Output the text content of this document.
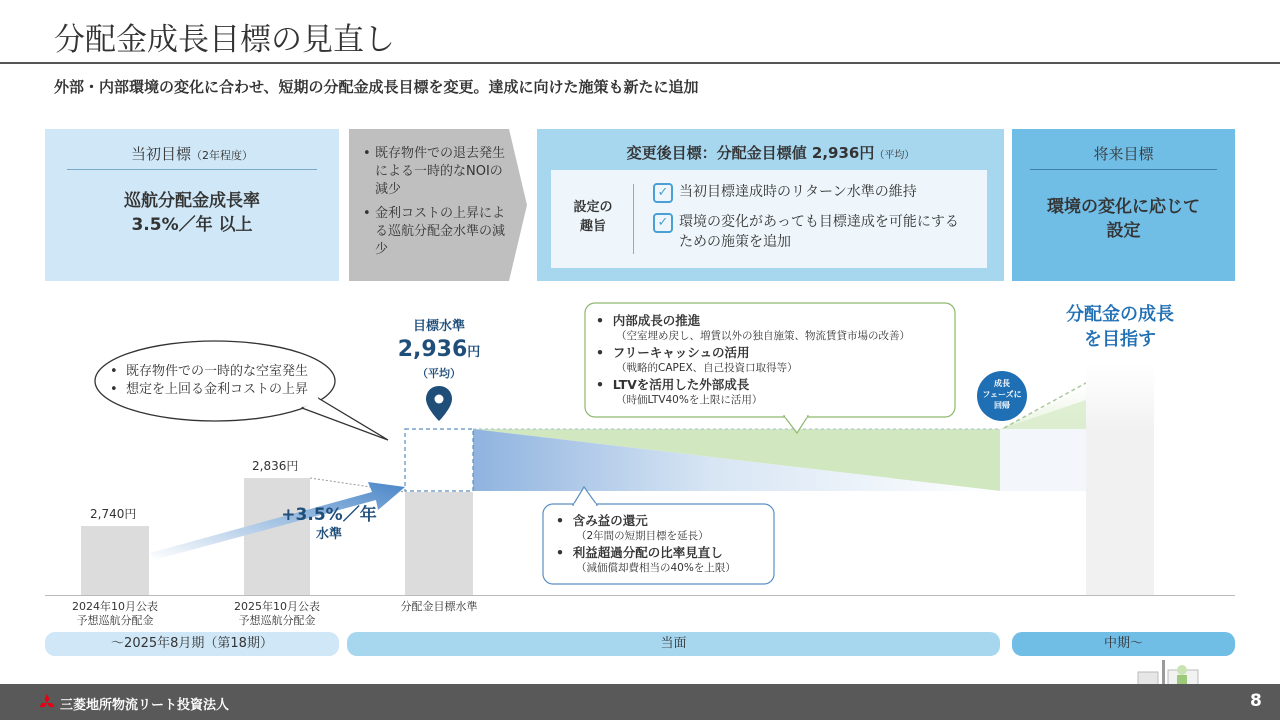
分配金成長目標の見直し
外部・内部環境の変化に合わせ、短期の分配金成長目標を変更。達成に向けた施策も新たに追加
当初目標（2年程度）
巡航分配金成長率
3.5%／年 以上
• 既存物件での退去発生による一時的なNOIの減少
• 金利コストの上昇による巡航分配金水準の減少
変更後目標：分配金目標値 2,936円（平均）
設定の
趣旨
✓ 当初目標達成時のリターン水準の維持
✓ 環境の変化があっても目標達成を可能にするための施策を追加
将来目標
環境の変化に応じて
設定
2,740円
2,836円
+3.5%／年
水準
目標水準
2,936円
（平均）
•  既存物件での一時的な空室発生
•  想定を上回る金利コストの上昇
•  内部成長の推進
（空室埋め戻し、増賃以外の独自施策、物流賃貸市場の改善）
•  フリーキャッシュの活用
（戦略的CAPEX、自己投資口取得等）
•  LTVを活用した外部成長
（時価LTV40%を上限に活用）
•  含み益の還元
（2年間の短期目標を延長）
•  利益超過分配の比率見直し
（減価償却費相当の40%を上限）
成長
フェーズに
回帰
分配金の成長
を目指す
2024年10月公表
予想巡航分配金
2025年10月公表
予想巡航分配金
分配金目標水準
～2025年8月期（第18期）	当面	中期～
三菱地所物流リート投資法人	8
